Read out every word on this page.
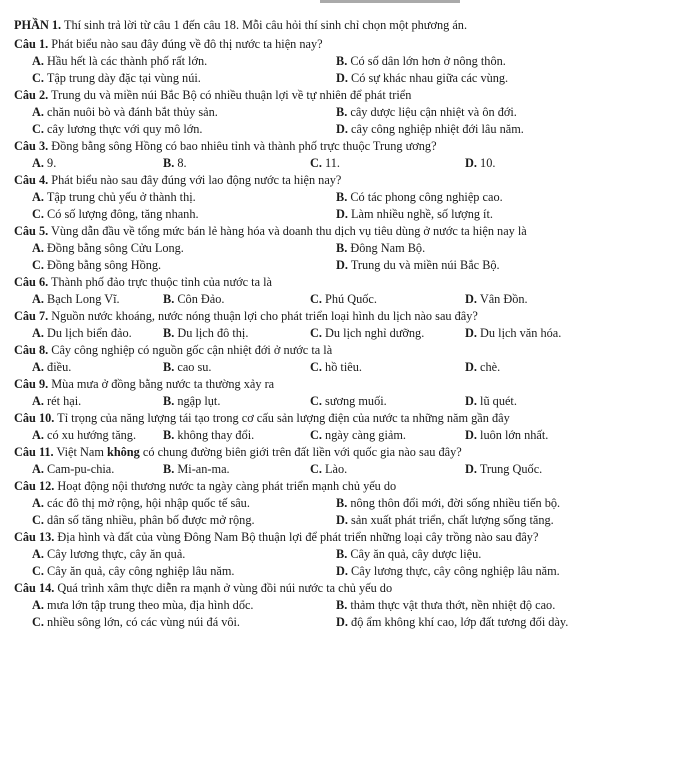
PHẦN 1. Thí sinh trả lời từ câu 1 đến câu 18. Mỗi câu hỏi thí sinh chỉ chọn một phương án.

Câu 1. Phát biểu nào sau đây đúng về đô thị nước ta hiện nay?

A. Hầu hết là các thành phố rất lớn.	B. Có số dân lớn hơn ở nông thôn.
C. Tập trung dày đặc tại vùng núi.	D. Có sự khác nhau giữa các vùng.

Câu 2. Trung du và miền núi Bắc Bộ có nhiều thuận lợi về tự nhiên để phát triển

A. chăn nuôi bò và đánh bắt thủy sản.	B. cây dược liệu cận nhiệt và ôn đới.
C. cây lương thực với quy mô lớn.	D. cây công nghiệp nhiệt đới lâu năm.

Câu 3. Đồng bằng sông Hồng có bao nhiêu tỉnh và thành phố trực thuộc Trung ương?

A. 9.	B. 8.	C. 11.	D. 10.

Câu 4. Phát biểu nào sau đây đúng với lao động nước ta hiện nay?

A. Tập trung chủ yếu ở thành thị.	B. Có tác phong công nghiệp cao.
C. Có số lượng đông, tăng nhanh.	D. Làm nhiều nghề, số lượng ít.

Câu 5. Vùng dẫn đầu về tổng mức bán lẻ hàng hóa và doanh thu dịch vụ tiêu dùng ở nước ta hiện nay là

A. Đồng bằng sông Cửu Long.	B. Đông Nam Bộ.
C. Đồng bằng sông Hồng.	D. Trung du và miền núi Bắc Bộ.

Câu 6. Thành phố đảo trực thuộc tỉnh của nước ta là

A. Bạch Long Vĩ.	B. Côn Đảo.	C. Phú Quốc.	D. Vân Đồn.

Câu 7. Nguồn nước khoáng, nước nóng thuận lợi cho phát triển loại hình du lịch nào sau đây?

A. Du lịch biển đảo.	B. Du lịch đô thị.	C. Du lịch nghỉ dưỡng.	D. Du lịch văn hóa.

Câu 8. Cây công nghiệp có nguồn gốc cận nhiệt đới ở nước ta là

A. điều.	B. cao su.	C. hồ tiêu.	D. chè.

Câu 9. Mùa mưa ở đồng bằng nước ta thường xảy ra

A. rét hại.	B. ngập lụt.	C. sương muối.	D. lũ quét.

Câu 10. Tỉ trọng của năng lượng tái tạo trong cơ cấu sản lượng điện của nước ta những năm gần đây

A. có xu hướng tăng.	B. không thay đổi.	C. ngày càng giảm.	D. luôn lớn nhất.

Câu 11. Việt Nam không có chung đường biên giới trên đất liền với quốc gia nào sau đây?

A. Cam-pu-chia.	B. Mi-an-ma.	C. Lào.	D. Trung Quốc.

Câu 12. Hoạt động nội thương nước ta ngày càng phát triển mạnh chủ yếu do

A. các đô thị mở rộng, hội nhập quốc tế sâu.	B. nông thôn đổi mới, đời sống nhiều tiến bộ.
C. dân số tăng nhiều, phân bố được mở rộng.	D. sản xuất phát triển, chất lượng sống tăng.

Câu 13. Địa hình và đất của vùng Đông Nam Bộ thuận lợi để phát triển những loại cây trồng nào sau đây?

A. Cây lương thực, cây ăn quả.	B. Cây ăn quả, cây dược liệu.
C. Cây ăn quả, cây công nghiệp lâu năm.	D. Cây lương thực, cây công nghiệp lâu năm.

Câu 14. Quá trình xâm thực diễn ra mạnh ở vùng đồi núi nước ta chủ yếu do

A. mưa lớn tập trung theo mùa, địa hình dốc.	B. thảm thực vật thưa thớt, nền nhiệt độ cao.
C. nhiều sông lớn, có các vùng núi đá vôi.	D. độ ẩm không khí cao, lớp đất tương đối dày.
